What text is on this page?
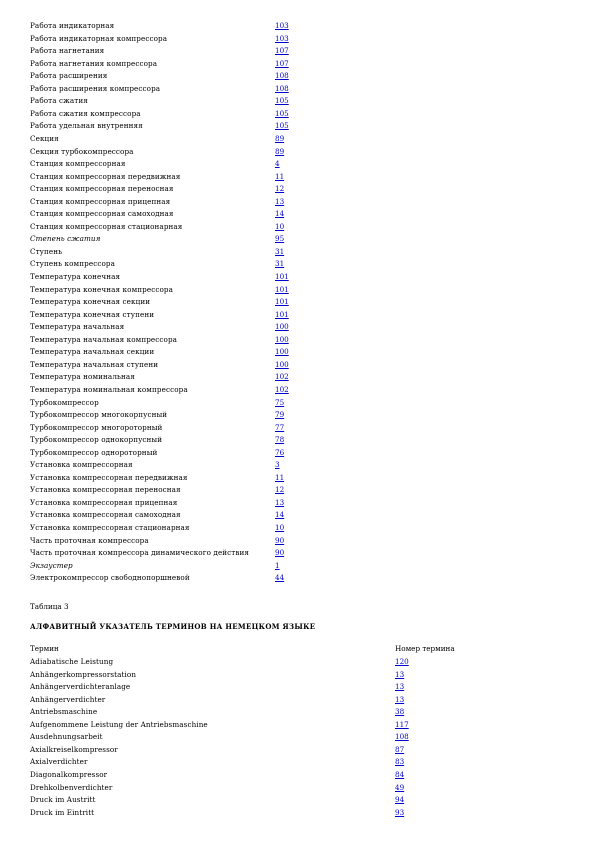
Работа индикаторная	103
Работа индикаторная компрессора	103
Работа нагнетания	107
Работа нагнетания компрессора	107
Работа расширения	108
Работа расширения компрессора	108
Работа сжатия	105
Работа сжатия компрессора	105
Работа удельная внутренняя	105
Секция	89
Секция турбокомпрессора	89
Станция компрессорная	4
Станция компрессорная передвижная	11
Станция компрессорная переносная	12
Станция компрессорная прицепная	13
Станция компрессорная самоходная	14
Станция компрессорная стационарная	10
Степень сжатия	95
Ступень	31
Ступень компрессора	31
Температура конечная	101
Температура конечная компрессора	101
Температура конечная секции	101
Температура конечная ступени	101
Температура начальная	100
Температура начальная компрессора	100
Температура начальная секции	100
Температура начальная ступени	100
Температура номинальная	102
Температура номинальная компрессора	102
Турбокомпрессор	75
Турбокомпрессор многокорпусный	79
Турбокомпрессор многороторный	77
Турбокомпрессор однокорпусный	78
Турбокомпрессор однороторный	76
Установка компрессорная	3
Установка компрессорная передвижная	11
Установка компрессорная переносная	12
Установка компрессорная прицепная	13
Установка компрессорная самоходная	14
Установка компрессорная стационарная	10
Часть проточная компрессора	90
Часть проточная компрессора динамического действия	90
Экзаустер	1
Электрокомпрессор свободнопоршневой	44
Таблица 3
АЛФАВИТНЫЙ УКАЗАТЕЛЬ ТЕРМИНОВ НА НЕМЕЦКОМ ЯЗЫКЕ
Термин	Номер термина
Adiabatische Leistung	120
Anhängerkompressorstation	13
Anhängerverdichteranlage	13
Anhängerverdichter	13
Antriebsmaschine	38
Aufgenommene Leistung der Antriebsmaschine	117
Ausdehnungsarbeit	108
Axialkreiselkompressor	87
Axialverdichter	83
Diagonalkompressor	84
Drehkolbenverdichter	49
Druck im Austritt	94
Druck im Eintritt	93
